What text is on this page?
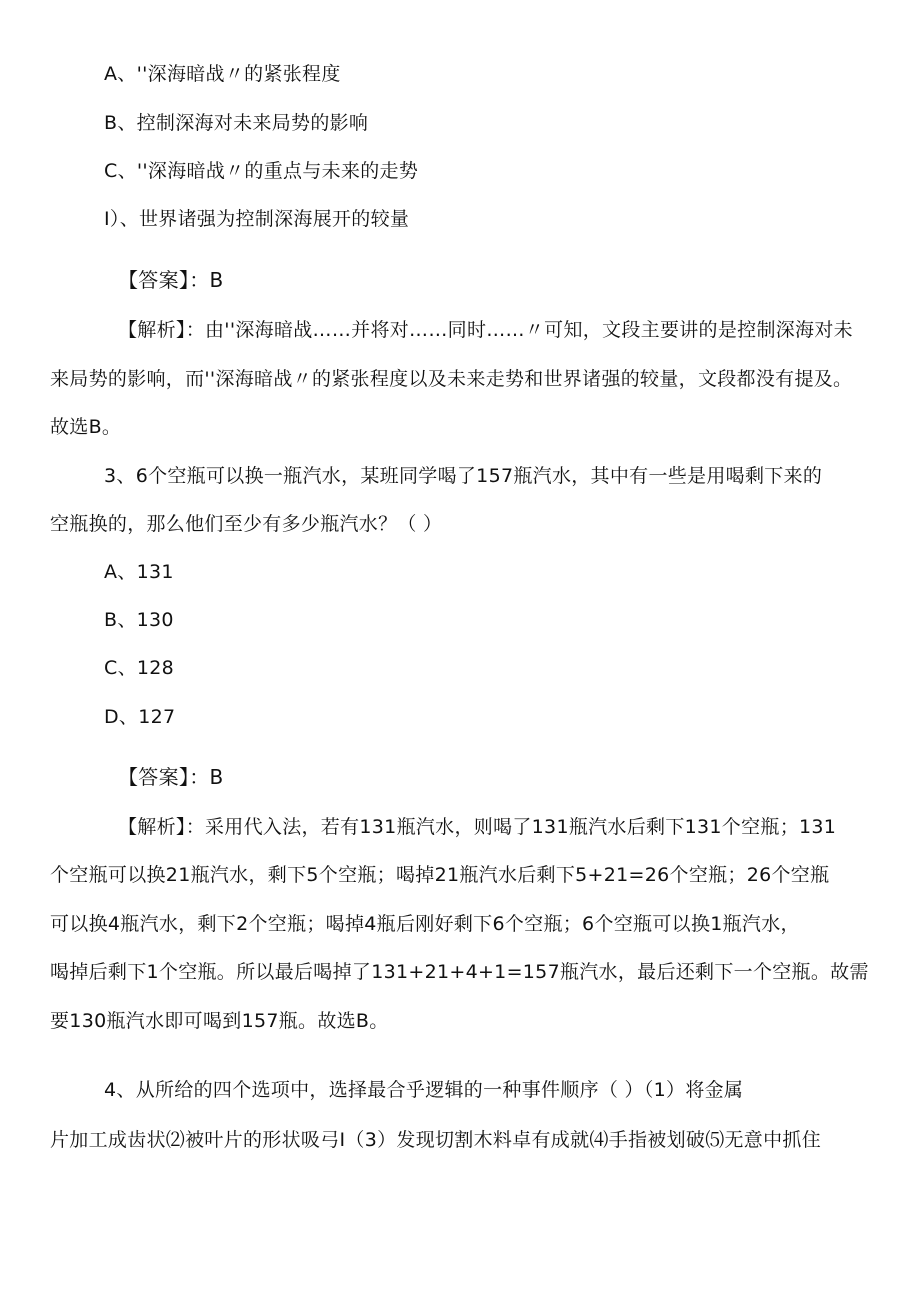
A、''深海暗战〃的紧张程度
B、控制深海对未来局势的影响
C、''深海暗战〃的重点与未来的走势
I）、世界诸强为控制深海展开的较量
【答案】：B
【解析】：由''深海暗战……并将对……同时……〃可知，文段主要讲的是控制深海对未
来局势的影响，而''深海暗战〃的紧张程度以及未来走势和世界诸强的较量，文段都没有提及。
故选B。
3、6个空瓶可以换一瓶汽水，某班同学喝了157瓶汽水，其中有一些是用喝剩下来的
空瓶换的，那么他们至少有多少瓶汽水？（ ）
A、131
B、130
C、128
D、127
【答案】：B
【解析】：采用代入法，若有131瓶汽水，则喝了131瓶汽水后剩下131个空瓶；131
个空瓶可以换21瓶汽水，剩下5个空瓶；喝掉21瓶汽水后剩下5+21=26个空瓶；26个空瓶
可以换4瓶汽水，剩下2个空瓶；喝掉4瓶后刚好剩下6个空瓶；6个空瓶可以换1瓶汽水，
喝掉后剩下1个空瓶。所以最后喝掉了131+21+4+1=157瓶汽水，最后还剩下一个空瓶。故需
要130瓶汽水即可喝到157瓶。故选B。
4、从所给的四个选项中，选择最合乎逻辑的一种事件顺序（ ）（1）将金属
片加工成齿状⑵被叶片的形状吸弓I（3）发现切割木料卓有成就⑷手指被划破⑸无意中抓住
